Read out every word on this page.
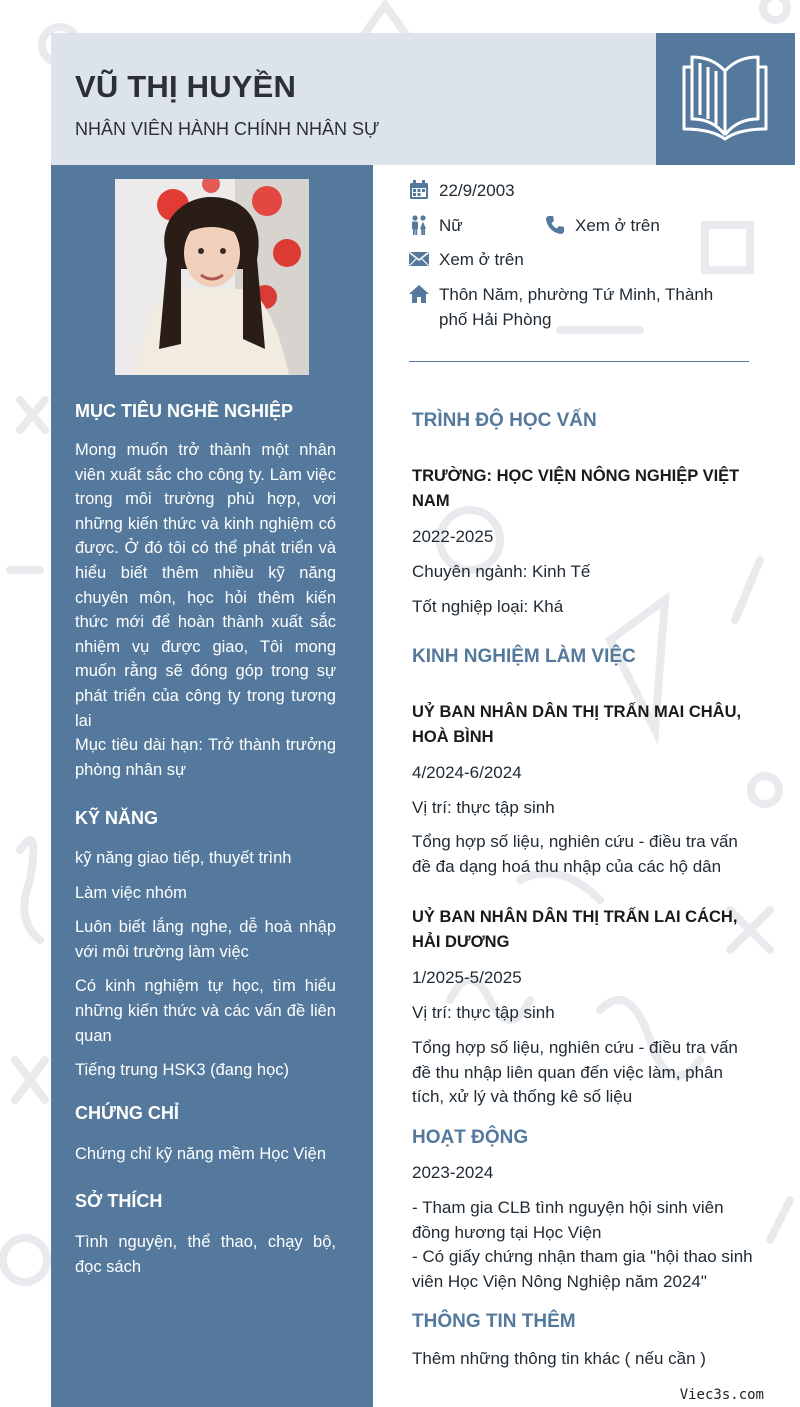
VŨ THỊ HUYỀN
NHÂN VIÊN HÀNH CHÍNH NHÂN SỰ
MỤC TIÊU NGHỀ NGHIỆP

Mong muốn trở thành một nhân viên xuất sắc cho công ty. Làm việc trong môi trường phù hợp, vơi những kiến thức và kinh nghiệm có được. Ở đó tôi có thể phát triển và hiểu biết thêm nhiều kỹ năng chuyên môn, học hỏi thêm kiến thức mới để hoàn thành xuất sắc nhiệm vụ được giao, Tôi mong muốn rằng sẽ đóng góp trong sự phát triển của công ty trong tương lai

Mục tiêu dài hạn: Trở thành trưởng phòng nhân sự

KỸ NĂNG

kỹ năng giao tiếp, thuyết trình

Làm việc nhóm

Luôn biết lắng nghe, dễ hoà nhập với môi trường làm việc

Có kinh nghiệm tự học, tìm hiểu những kiến thức và các vấn đề liên quan

Tiếng trung HSK3 (đang học)

CHỨNG CHỈ

Chứng chỉ kỹ năng mềm Học Viện

SỞ THÍCH

Tình nguyện, thể thao, chạy bộ, đọc sách

22/9/2003
Nữ	Xem ở trên
Xem ở trên
Thôn Năm, phường Tứ Minh, Thành phố Hải Phòng
TRÌNH ĐỘ HỌC VẤN
TRƯỜNG: HỌC VIỆN NÔNG NGHIỆP VIỆT NAM
2022-2025
Chuyên ngành: Kinh Tế
Tốt nghiệp loại: Khá
KINH NGHIỆM LÀM VIỆC
UỶ BAN NHÂN DÂN THỊ TRẤN MAI CHÂU, HOÀ BÌNH
4/2024-6/2024
Vị trí: thực tập sinh
Tổng hợp số liệu, nghiên cứu - điều tra vấn đề đa dạng hoá thu nhập của các hộ dân
UỶ BAN NHÂN DÂN THỊ TRẤN LAI CÁCH, HẢI DƯƠNG
1/2025-5/2025
Vị trí: thực tập sinh
Tổng hợp số liệu, nghiên cứu - điều tra vấn đề thu nhập liên quan đến việc làm, phân tích, xử lý và thống kê số liệu
HOẠT ĐỘNG
2023-2024
- Tham gia CLB tình nguyện hội sinh viên đồng hương tại Học Viện
- Có giấy chứng nhận tham gia "hội thao sinh viên Học Viện Nông Nghiệp năm 2024"
THÔNG TIN THÊM
Thêm những thông tin khác ( nếu cần )
Viec3s.com
